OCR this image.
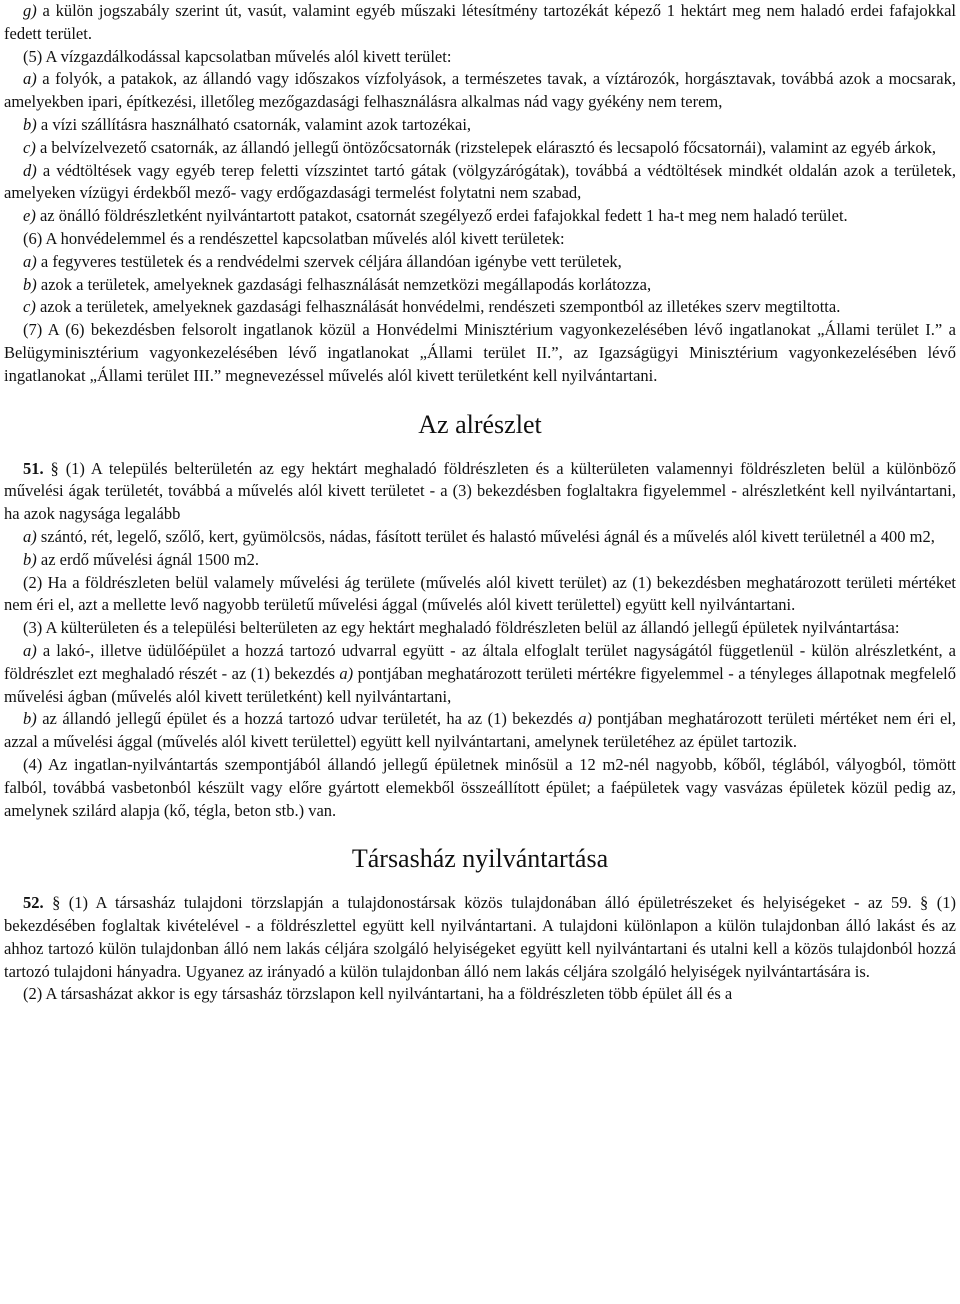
g) a külön jogszabály szerint út, vasút, valamint egyéb műszaki létesítmény tartozékát képező 1 hektárt meg nem haladó erdei fafajokkal fedett terület.

(5) A vízgazdálkodással kapcsolatban művelés alól kivett terület:

a) a folyók, a patakok, az állandó vagy időszakos vízfolyások, a természetes tavak, a víztározók, horgásztavak, továbbá azok a mocsarak, amelyekben ipari, építkezési, illetőleg mezőgazdasági felhasználásra alkalmas nád vagy gyékény nem terem,

b) a vízi szállításra használható csatornák, valamint azok tartozékai,

c) a belvízelvezető csatornák, az állandó jellegű öntözőcsatornák (rizstelepek elárasztó és lecsapoló főcsatornái), valamint az egyéb árkok,

d) a védtöltések vagy egyéb terep feletti vízszintet tartó gátak (völgyzárógátak), továbbá a védtöltések mindkét oldalán azok a területek, amelyeken vízügyi érdekből mező- vagy erdőgazdasági termelést folytatni nem szabad,

e) az önálló földrészletként nyilvántartott patakot, csatornát szegélyező erdei fafajokkal fedett 1 ha-t meg nem haladó terület.

(6) A honvédelemmel és a rendészettel kapcsolatban művelés alól kivett területek:

a) a fegyveres testületek és a rendvédelmi szervek céljára állandóan igénybe vett területek,

b) azok a területek, amelyeknek gazdasági felhasználását nemzetközi megállapodás korlátozza,

c) azok a területek, amelyeknek gazdasági felhasználását honvédelmi, rendészeti szempontból az illetékes szerv megtiltotta.

(7) A (6) bekezdésben felsorolt ingatlanok közül a Honvédelmi Minisztérium vagyonkezelésében lévő ingatlanokat „Állami terület I.” a Belügyminisztérium vagyonkezelésében lévő ingatlanokat „Állami terület II.”, az Igazságügyi Minisztérium vagyonkezelésében lévő ingatlanokat „Állami terület III.” megnevezéssel művelés alól kivett területként kell nyilvántartani.

Az alrészlet

51. § (1) A település belterületén az egy hektárt meghaladó földrészleten és a külterületen valamennyi földrészleten belül a különböző művelési ágak területét, továbbá a művelés alól kivett területet - a (3) bekezdésben foglaltakra figyelemmel - alrészletként kell nyilvántartani, ha azok nagysága legalább

a) szántó, rét, legelő, szőlő, kert, gyümölcsös, nádas, fásított terület és halastó művelési ágnál és a művelés alól kivett területnél a 400 m2,

b) az erdő művelési ágnál 1500 m2.

(2) Ha a földrészleten belül valamely művelési ág területe (művelés alól kivett terület) az (1) bekezdésben meghatározott területi mértéket nem éri el, azt a mellette levő nagyobb területű művelési ággal (művelés alól kivett területtel) együtt kell nyilvántartani.

(3) A külterületen és a települési belterületen az egy hektárt meghaladó földrészleten belül az állandó jellegű épületek nyilvántartása:

a) a lakó-, illetve üdülőépület a hozzá tartozó udvarral együtt - az általa elfoglalt terület nagyságától függetlenül - külön alrészletként, a földrészlet ezt meghaladó részét - az (1) bekezdés a) pontjában meghatározott területi mértékre figyelemmel - a tényleges állapotnak megfelelő művelési ágban (művelés alól kivett területként) kell nyilvántartani,

b) az állandó jellegű épület és a hozzá tartozó udvar területét, ha az (1) bekezdés a) pontjában meghatározott területi mértéket nem éri el, azzal a művelési ággal (művelés alól kivett területtel) együtt kell nyilvántartani, amelynek területéhez az épület tartozik.

(4) Az ingatlan-nyilvántartás szempontjából állandó jellegű épületnek minősül a 12 m2-nél nagyobb, kőből, téglából, vályogból, tömött falból, továbbá vasbetonból készült vagy előre gyártott elemekből összeállított épület; a faépületek vagy vasvázas épületek közül pedig az, amelynek szilárd alapja (kő, tégla, beton stb.) van.

Társasház nyilvántartása

52. § (1) A társasház tulajdoni törzslapján a tulajdonostársak közös tulajdonában álló épületrészeket és helyiségeket - az 59. § (1) bekezdésében foglaltak kivételével - a földrészlettel együtt kell nyilvántartani. A tulajdoni különlapon a külön tulajdonban álló lakást és az ahhoz tartozó külön tulajdonban álló nem lakás céljára szolgáló helyiségeket együtt kell nyilvántartani és utalni kell a közös tulajdonból hozzá tartozó tulajdoni hányadra. Ugyanez az irányadó a külön tulajdonban álló nem lakás céljára szolgáló helyiségek nyilvántartására is.

(2) A társasházat akkor is egy társasház törzslapon kell nyilvántartani, ha a földrészleten több épület áll és a
